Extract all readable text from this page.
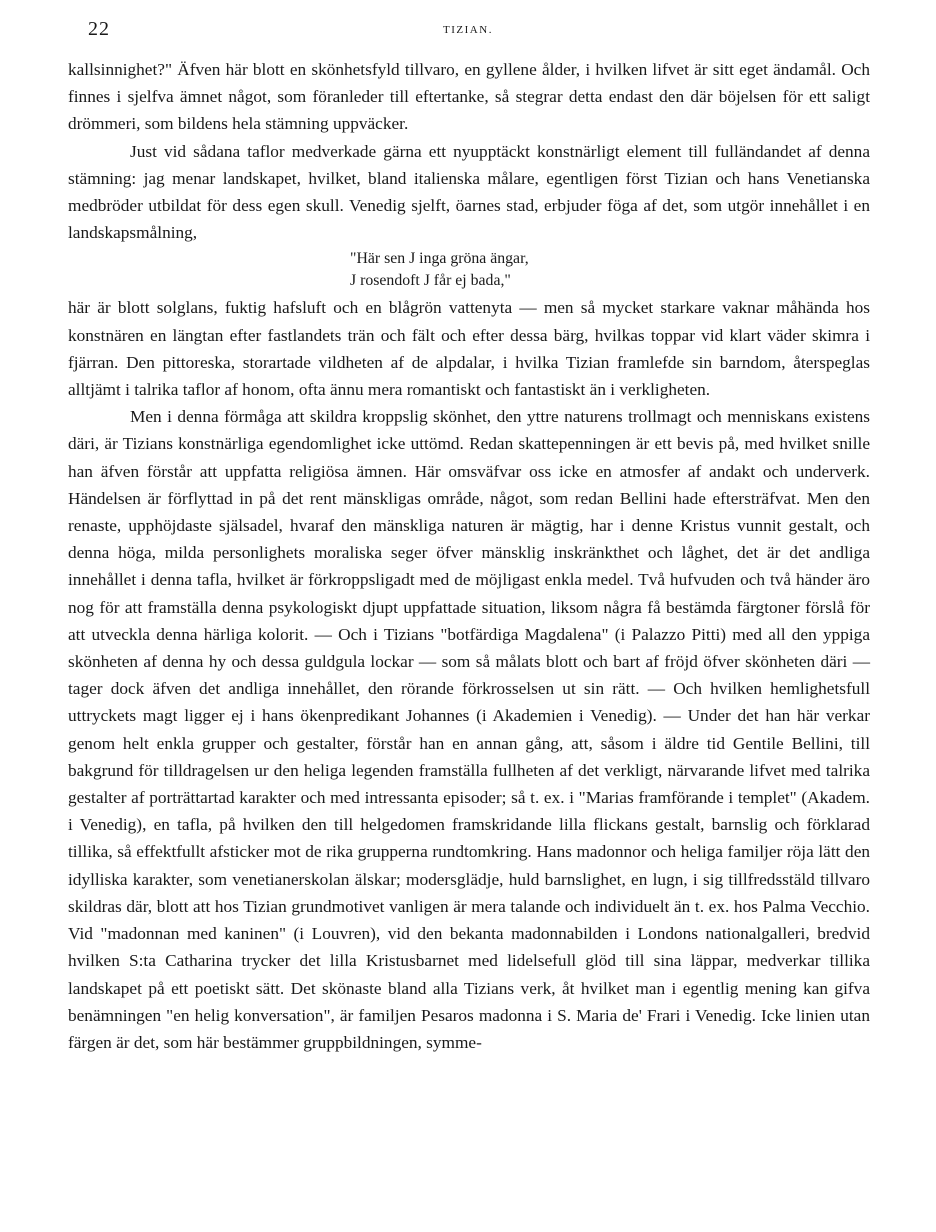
22	TIZIAN.

kallsinnighet?" Äfven här blott en skönhetsfyld tillvaro, en gyllene ålder, i hvilken lifvet är sitt eget ändamål. Och finnes i sjelfva ämnet något, som föranleder till eftertanke, så stegrar detta endast den där böjelsen för ett saligt drömmeri, som bildens hela stämning uppväcker.

Just vid sådana taflor medverkade gärna ett nyupptäckt konstnärligt element till fulländandet af denna stämning: jag menar landskapet, hvilket, bland italienska målare, egentligen först Tizian och hans Venetianska medbröder utbildat för dess egen skull. Venedig sjelft, öarnes stad, erbjuder föga af det, som utgör innehållet i en landskapsmålning,

"Här sen J inga gröna ängar,
J rosendoft J får ej bada,"

här är blott solglans, fuktig hafsluft och en blågrön vattenyta — men så mycket starkare vaknar måhända hos konstnären en längtan efter fastlandets trän och fält och efter dessa bärg, hvilkas toppar vid klart väder skimra i fjärran. Den pittoreska, storartade vildheten af de alpdalar, i hvilka Tizian framlefde sin barndom, återspeglas alltjämt i talrika taflor af honom, ofta ännu mera romantiskt och fantastiskt än i verkligheten.

Men i denna förmåga att skildra kroppslig skönhet, den yttre naturens trollmagt och menniskans existens däri, är Tizians konstnärliga egendomlighet icke uttömd. Redan skattepenningen är ett bevis på, med hvilket snille han äfven förstår att uppfatta religiösa ämnen. Här omsväfvar oss icke en atmosfer af andakt och underverk. Händelsen är förflyttad in på det rent mänskligas område, något, som redan Bellini hade eftersträfvat. Men den renaste, upphöjdaste själsadel, hvaraf den mänskliga naturen är mägtig, har i denne Kristus vunnit gestalt, och denna höga, milda personlighets moraliska seger öfver mänsklig inskränkthet och låghet, det är det andliga innehållet i denna tafla, hvilket är förkroppsligadt med de möjligast enkla medel. Två hufvuden och två händer äro nog för att framställa denna psykologiskt djupt uppfattade situation, liksom några få bestämda färgtoner förslå för att utveckla denna härliga kolorit. — Och i Tizians "botfärdiga Magdalena" (i Palazzo Pitti) med all den yppiga skönheten af denna hy och dessa guldgula lockar — som så målats blott och bart af fröjd öfver skönheten däri — tager dock äfven det andliga innehållet, den rörande förkrosselsen ut sin rätt. — Och hvilken hemlighetsfull uttryckets magt ligger ej i hans ökenpredikant Johannes (i Akademien i Venedig). — Under det han här verkar genom helt enkla grupper och gestalter, förstår han en annan gång, att, såsom i äldre tid Gentile Bellini, till bakgrund för tilldragelsen ur den heliga legenden framställa fullheten af det verkligt, närvarande lifvet med talrika gestalter af porträttartad karakter och med intressanta episoder; så t. ex. i "Marias framförande i templet" (Akadem. i Venedig), en tafla, på hvilken den till helgedomen framskridande lilla flickans gestalt, barnslig och förklarad tillika, så effektfullt afsticker mot de rika grupperna rundtomkring. Hans madonnor och heliga familjer röja lätt den idylliska karakter, som venetianerskolan älskar; modersglädje, huld barnslighet, en lugn, i sig tillfredsstäld tillvaro skildras där, blott att hos Tizian grundmotivet vanligen är mera talande och individuelt än t. ex. hos Palma Vecchio. Vid "madonnan med kaninen" (i Louvren), vid den bekanta madonnabilden i Londons nationalgalleri, bredvid hvilken S:ta Catharina trycker det lilla Kristusbarnet med lidelsefull glöd till sina läppar, medverkar tillika landskapet på ett poetiskt sätt. Det skönaste bland alla Tizians verk, åt hvilket man i egentlig mening kan gifva benämningen "en helig konversation", är familjen Pesaros madonna i S. Maria de' Frari i Venedig. Icke linien utan färgen är det, som här bestämmer gruppbildningen, symme-
